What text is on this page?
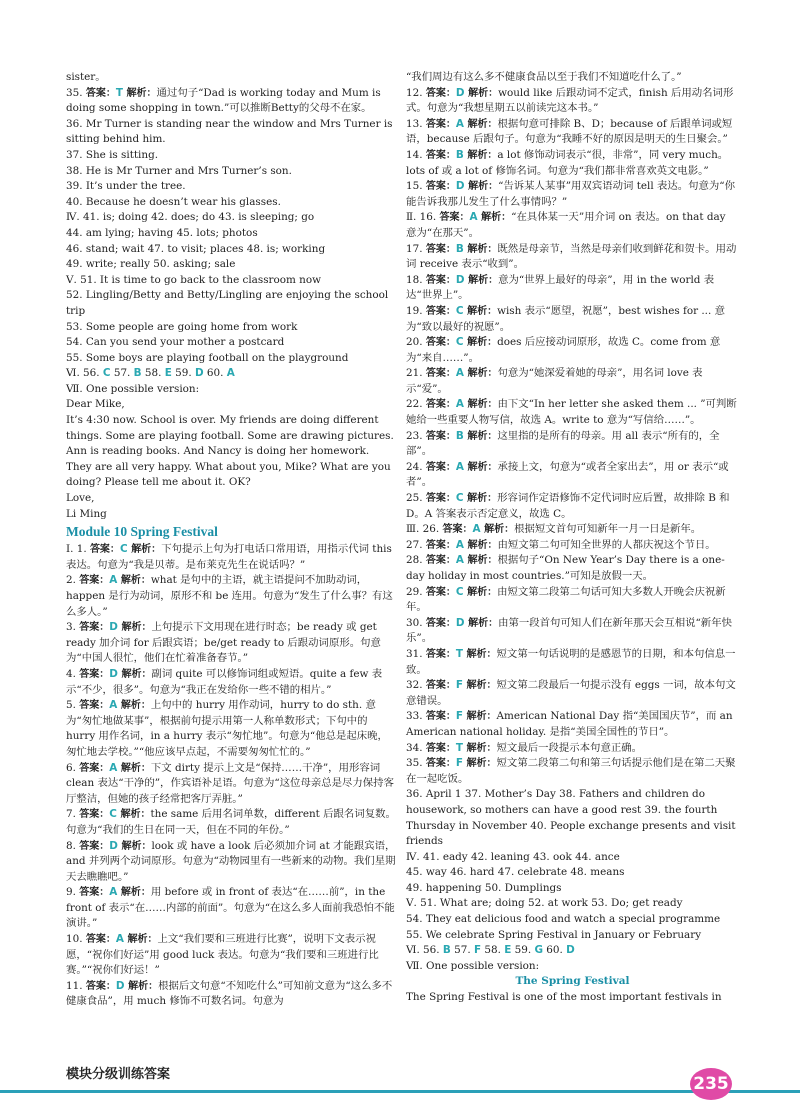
sister。
35. 答案：T 解析：通过句子“Dad is working today and Mum is doing some shopping in town.”可以推断Betty的父母不在家。
36. Mr Turner is standing near the window and Mrs Turner is sitting behind him.
37. She is sitting.
38. He is Mr Turner and Mrs Turner’s son.
39. It’s under the tree.
40. Because he doesn’t wear his glasses.
Ⅳ. 41. is; doing 42. does; do 43. is sleeping; go
44. am lying; having 45. lots; photos
46. stand; wait 47. to visit; places 48. is; working
49. write; really 50. asking; sale
Ⅴ. 51. It is time to go back to the classroom now
52. Lingling/Betty and Betty/Lingling are enjoying the school trip
53. Some people are going home from work
54. Can you send your mother a postcard
55. Some boys are playing football on the playground
Ⅵ. 56. C 57. B 58. E 59. D 60. A
Ⅶ. One possible version:
Dear Mike,
It’s 4:30 now. School is over. My friends are doing different things. Some are playing football. Some are drawing pictures. Ann is reading books. And Nancy is doing her homework. They are all very happy. What about you, Mike? What are you doing? Please tell me about it. OK?
Love,
Li Ming
Module 10 Spring Festival
Ⅰ. 1. 答案：C 解析：下句提示上句为打电话口常用语，用指示代词 this 表达。句意为“我是贝蒂。是布莱克先生在说话吗？”
2. 答案：A 解析：what 是句中的主语，就主语提问不加助动词，happen 是行为动词，原形不和 be 连用。句意为“发生了什么事？有这么多人。”
3. 答案：D 解析：上句提示下文用现在进行时态；be ready 或 get ready 加介词 for 后跟宾语；be/get ready to 后跟动词原形。句意为“中国人很忙，他们在忙着准备春节。”
4. 答案：D 解析：副词 quite 可以修饰词组或短语。quite a few 表示“不少，很多”。句意为“我正在发给你一些不错的相片。”
5. 答案：A 解析：上句中的 hurry 用作动词，hurry to do sth. 意为“匆忙地做某事”，根据前句提示用第一人称单数形式；下句中的 hurry 用作名词，in a hurry 表示“匆忙地”。句意为“他总是起床晚，匆忙地去学校。”“他应该早点起，不需要匆匆忙忙的。”
6. 答案：A 解析：下文 dirty 提示上文是“保持……干净”，用形容词 clean 表达“干净的”，作宾语补足语。句意为“这位母亲总是尽力保持客厅整洁，但她的孩子经常把客厅弄脏。”
7. 答案：C 解析：the same 后用名词单数，different 后跟名词复数。句意为“我们的生日在同一天，但在不同的年份。”
8. 答案：D 解析：look 或 have a look 后必须加介词 at 才能跟宾语，and 并列两个动词原形。句意为“动物园里有一些新来的动物。我们星期天去瞧瞧吧。”
9. 答案：A 解析：用 before 或 in front of 表达“在……前”，in the front of 表示“在……内部的前面”。句意为“在这么多人面前我恐怕不能演讲。”
10. 答案：A 解析：上文“我们要和三班进行比赛”，说明下文表示祝愿，“祝你们好运”用 good luck 表达。句意为“我们要和三班进行比赛。”“祝你们好运！”
11. 答案：D 解析：根据后文句意“不知吃什么”可知前文意为“这么多不健康食品”，用 much 修饰不可数名词。句意为
“我们周边有这么多不健康食品以至于我们不知道吃什么了。”
12. 答案：D 解析：would like 后跟动词不定式，finish 后用动名词形式。句意为“我想星期五以前读完这本书。”
13. 答案：A 解析：根据句意可排除 B、D；because of 后跟单词或短语，because 后跟句子。句意为“我睡不好的原因是明天的生日聚会。”
14. 答案：B 解析：a lot 修饰动词表示“很，非常”，同 very much。lots of 或 a lot of 修饰名词。句意为“我们都非常喜欢英文电影。”
15. 答案：D 解析：“告诉某人某事”用双宾语动词 tell 表达。句意为“你能告诉我那儿发生了什么事情吗？”
Ⅱ. 16. 答案：A 解析：“在具体某一天”用介词 on 表达。on that day 意为“在那天”。
17. 答案：B 解析：既然是母亲节，当然是母亲们收到鲜花和贺卡。用动词 receive 表示“收到”。
18. 答案：D 解析：意为“世界上最好的母亲”，用 in the world 表达“世界上”。
19. 答案：C 解析：wish 表示“愿望，祝愿”，best wishes for ... 意为“致以最好的祝愿”。
20. 答案：C 解析：does 后应接动词原形，故选 C。come from 意为“来自……”。
21. 答案：A 解析：句意为“她深爱着她的母亲”，用名词 love 表示“爱”。
22. 答案：A 解析：由下文“In her letter she asked them ... ”可判断她给一些重要人物写信，故选 A。write to 意为“写信给……”。
23. 答案：B 解析：这里指的是所有的母亲。用 all 表示“所有的，全部”。
24. 答案：A 解析：承接上文，句意为“或者全家出去”，用 or 表示“或者”。
25. 答案：C 解析：形容词作定语修饰不定代词时应后置，故排除 B 和 D。A 答案表示否定意义，故选 C。
Ⅲ. 26. 答案：A 解析：根据短文首句可知新年一月一日是新年。
27. 答案：A 解析：由短文第二句可知全世界的人都庆祝这个节日。
28. 答案：A 解析：根据句子“On New Year’s Day there is a one-day holiday in most countries.”可知是放假一天。
29. 答案：C 解析：由短文第二段第二句话可知大多数人开晚会庆祝新年。
30. 答案：D 解析：由第一段首句可知人们在新年那天会互相说“新年快乐”。
31. 答案：T 解析：短文第一句话说明的是感恩节的日期，和本句信息一致。
32. 答案：F 解析：短文第二段最后一句提示没有 eggs 一词，故本句文意错误。
33. 答案：F 解析：American National Day 指“美国国庆节”，而 an American national holiday. 是指“美国全国性的节日”。
34. 答案：T 解析：短文最后一段提示本句意正确。
35. 答案：F 解析：短文第二段第二句和第三句话提示他们是在第二天聚在一起吃饭。
36. April 1 37. Mother’s Day 38. Fathers and children do housework, so mothers can have a good rest 39. the fourth Thursday in November 40. People exchange presents and visit friends
Ⅳ. 41. eady 42. leaning 43. ook 44. ance
45. way 46. hard 47. celebrate 48. means
49. happening 50. Dumplings
Ⅴ. 51. What are; doing 52. at work 53. Do; get ready
54. They eat delicious food and watch a special programme
55. We celebrate Spring Festival in January or February
Ⅵ. 56. B 57. F 58. E 59. G 60. D
Ⅶ. One possible version:
The Spring Festival
The Spring Festival is one of the most important festivals in
模块分级训练答案	235
